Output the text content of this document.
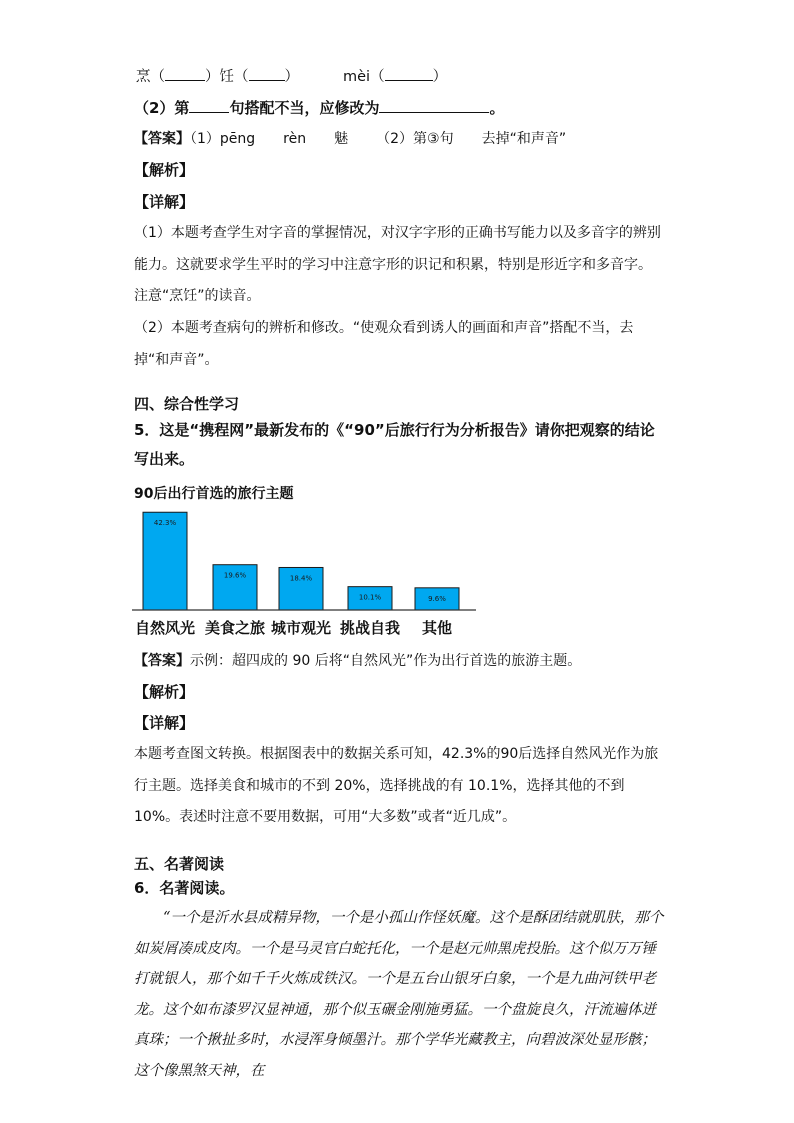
烹（	）饪（ ）	mèi（	）
（2）第	句搭配不当，应修改为	。
【答案】（1）pēng rèn 魅 （2）第③句 去掉“和声音”
【解析】
【详解】
（1）本题考查学生对字音的掌握情况，对汉字字形的正确书写能力以及多音字的辨别能力。这就要求学生平时的学习中注意字形的识记和积累，特别是形近字和多音字。注意“烹饪”的读音。
（2）本题考查病句的辨析和修改。“使观众看到诱人的画面和声音”搭配不当，去掉“和声音”。
四、综合性学习
5．这是“携程网”最新发布的《“90”后旅行行为分析报告》请你把观察的结论写出来。
90后出行首选的旅行主题
42.3%
19.6%	18.4%
10.1%	9.6%
自然风光 美食之旅 城市观光 挑战自我	其他
【答案】示例：超四成的 90 后将“自然风光”作为出行首选的旅游主题。
【解析】
【详解】
本题考查图文转换。根据图表中的数据关系可知，42.3%的90后选择自然风光作为旅行主题。选择美食和城市的不到 20%，选择挑战的有 10.1%，选择其他的不到 10%。表述时注意不要用数据，可用“大多数”或者“近几成”。
五、名著阅读
6．名著阅读。
“一个是沂水县成精异物，一个是小孤山作怪妖魔。这个是酥团结就肌肤，那个如炭屑凑成皮肉。一个是马灵官白蛇托化，一个是赵元帅黑虎投胎。这个似万万锤打就银人，那个如千千火炼成铁汉。一个是五台山银牙白象，一个是九曲河铁甲老龙。这个如布漆罗汉显神通，那个似玉碾金刚施勇猛。一个盘旋良久，汗流遍体迸真珠；一个揪扯多时，水浸浑身倾墨汁。那个学华光藏教主，向碧波深处显形骸；这个像黑煞天神，在
